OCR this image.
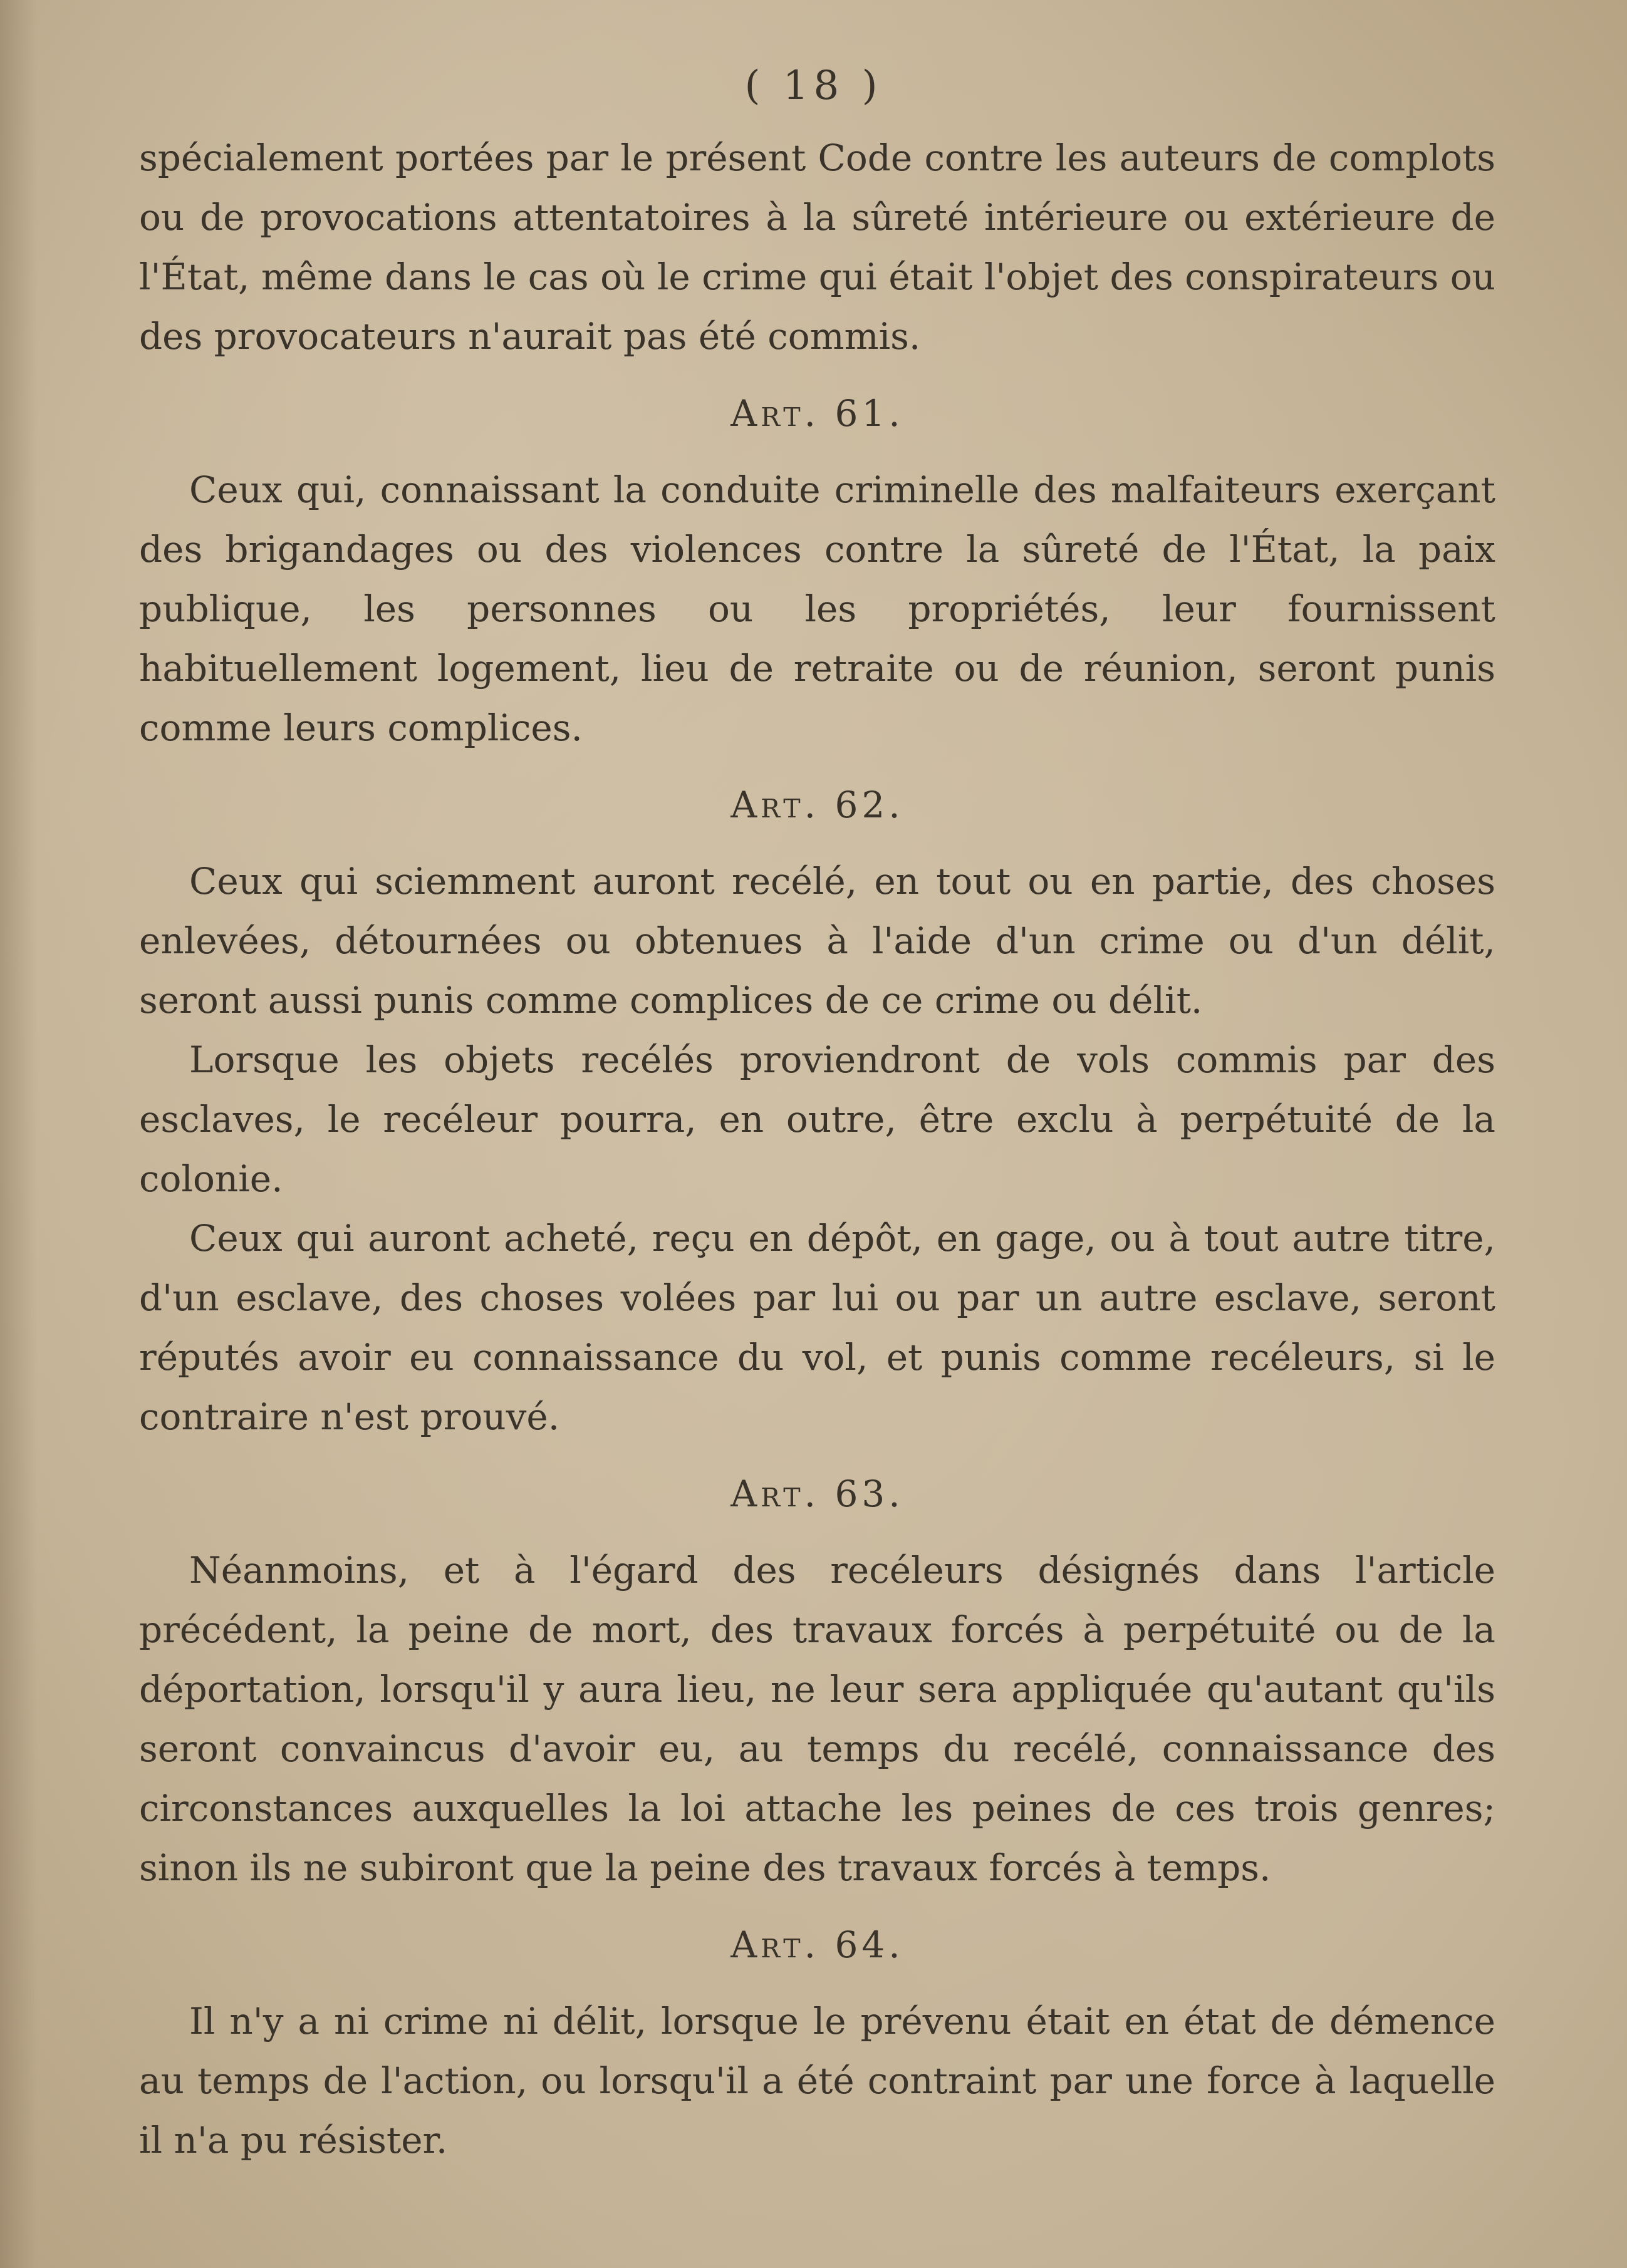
( 18 )

spécialement portées par le présent Code contre les auteurs de complots ou de provocations attentatoires à la sûreté intérieure ou extérieure de l'État, même dans le cas où le crime qui était l'objet des conspirateurs ou des provocateurs n'aurait pas été commis.

Art. 61.

Ceux qui, connaissant la conduite criminelle des malfaiteurs exerçant des brigandages ou des violences contre la sûreté de l'État, la paix publique, les personnes ou les propriétés, leur fournissent habituellement logement, lieu de retraite ou de réunion, seront punis comme leurs complices.

Art. 62.

Ceux qui sciemment auront recélé, en tout ou en partie, des choses enlevées, détournées ou obtenues à l'aide d'un crime ou d'un délit, seront aussi punis comme complices de ce crime ou délit.

Lorsque les objets recélés proviendront de vols commis par des esclaves, le recéleur pourra, en outre, être exclu à perpétuité de la colonie.

Ceux qui auront acheté, reçu en dépôt, en gage, ou à tout autre titre, d'un esclave, des choses volées par lui ou par un autre esclave, seront réputés avoir eu connaissance du vol, et punis comme recéleurs, si le contraire n'est prouvé.

Art. 63.

Néanmoins, et à l'égard des recéleurs désignés dans l'article précédent, la peine de mort, des travaux forcés à perpétuité ou de la déportation, lorsqu'il y aura lieu, ne leur sera appliquée qu'autant qu'ils seront convaincus d'avoir eu, au temps du recélé, connaissance des circonstances auxquelles la loi attache les peines de ces trois genres; sinon ils ne subiront que la peine des travaux forcés à temps.

Art. 64.

Il n'y a ni crime ni délit, lorsque le prévenu était en état de démence au temps de l'action, ou lorsqu'il a été contraint par une force à laquelle il n'a pu résister.
